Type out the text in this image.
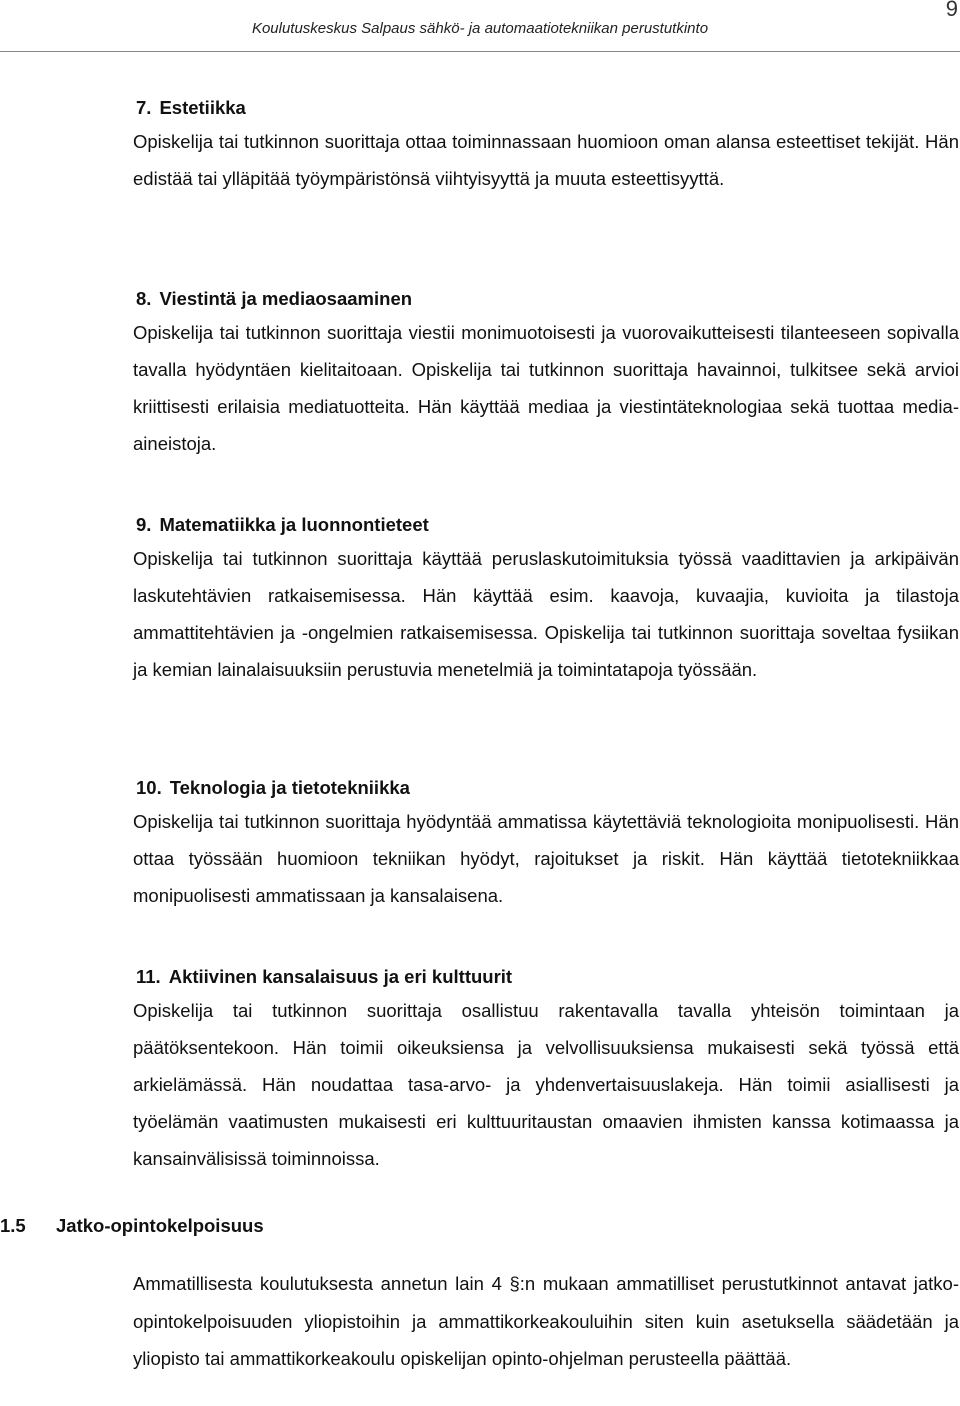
9
Koulutuskeskus Salpaus sähkö- ja automaatiotekniikan perustutkinto
7. Estetiikka

Opiskelija tai tutkinnon suorittaja ottaa toiminnassaan huomioon oman alansa esteettiset tekijät. Hän edistää tai ylläpitää työympäristönsä viihtyisyyttä ja muuta esteettisyyttä.

8. Viestintä ja mediaosaaminen

Opiskelija tai tutkinnon suorittaja viestii monimuotoisesti ja vuorovaikutteisesti tilanteeseen sopivalla tavalla hyödyntäen kielitaitoaan. Opiskelija tai tutkinnon suorittaja havainnoi, tulkitsee sekä arvioi kriittisesti erilaisia mediatuotteita. Hän käyttää mediaa ja viestintäteknologiaa sekä tuottaa media-aineistoja.

9. Matematiikka ja luonnontieteet

Opiskelija tai tutkinnon suorittaja käyttää peruslaskutoimituksia työssä vaadittavien ja arkipäivän laskutehtävien ratkaisemisessa. Hän käyttää esim. kaavoja, kuvaajia, kuvioita ja tilastoja ammattitehtävien ja -ongelmien ratkaisemisessa. Opiskelija tai tutkinnon suorittaja soveltaa fysiikan ja kemian lainalaisuuksiin perustuvia menetelmiä ja toimintatapoja työssään.

10. Teknologia ja tietotekniikka

Opiskelija tai tutkinnon suorittaja hyödyntää ammatissa käytettäviä teknologioita monipuolisesti. Hän ottaa työssään huomioon tekniikan hyödyt, rajoitukset ja riskit. Hän käyttää tietotekniikkaa monipuolisesti ammatissaan ja kansalaisena.

11. Aktiivinen kansalaisuus ja eri kulttuurit

Opiskelija tai tutkinnon suorittaja osallistuu rakentavalla tavalla yhteisön toimintaan ja päätöksentekoon. Hän toimii oikeuksiensa ja velvollisuuksiensa mukaisesti sekä työssä että arkielämässä. Hän noudattaa tasa-arvo- ja yhdenvertaisuuslakeja. Hän toimii asiallisesti ja työelämän vaatimusten mukaisesti eri kulttuuritaustan omaavien ihmisten kanssa kotimaassa ja kansainvälisissä toiminnoissa.

1.5 Jatko-opintokelpoisuus

Ammatillisesta koulutuksesta annetun lain 4 §:n mukaan ammatilliset perustutkinnot antavat jatko-opintokelpoisuuden yliopistoihin ja ammattikorkeakouluihin siten kuin asetuksella säädetään ja yliopisto tai ammattikorkeakoulu opiskelijan opinto-ohjelman perusteella päättää.
